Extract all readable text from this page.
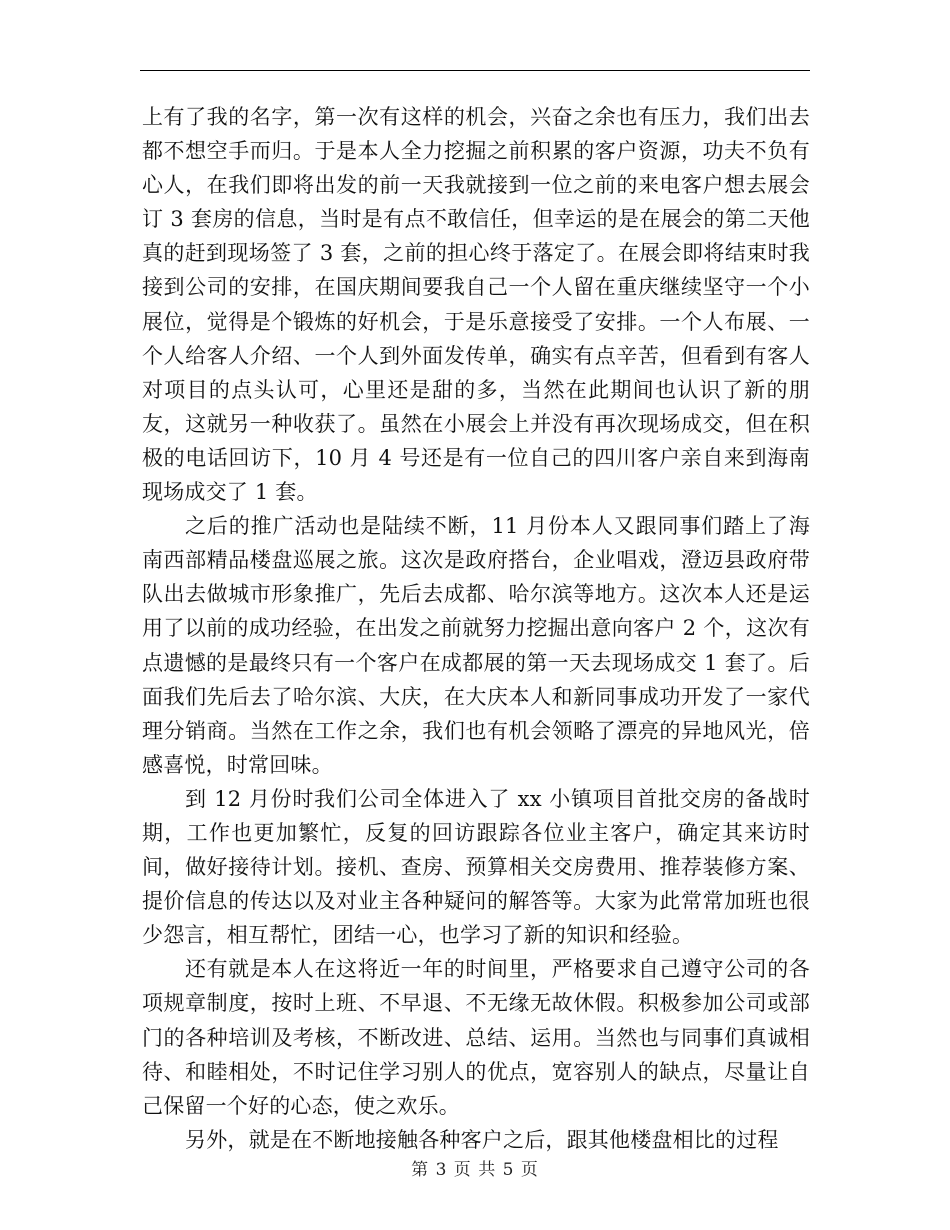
上有了我的名字，第一次有这样的机会，兴奋之余也有压力，我们出去都不想空手而归。于是本人全力挖掘之前积累的客户资源，功夫不负有心人，在我们即将出发的前一天我就接到一位之前的来电客户想去展会订 3 套房的信息，当时是有点不敢信任，但幸运的是在展会的第二天他真的赶到现场签了 3 套，之前的担心终于落定了。在展会即将结束时我接到公司的安排，在国庆期间要我自己一个人留在重庆继续坚守一个小展位，觉得是个锻炼的好机会，于是乐意接受了安排。一个人布展、一个人给客人介绍、一个人到外面发传单，确实有点辛苦，但看到有客人对项目的点头认可，心里还是甜的多，当然在此期间也认识了新的朋友，这就另一种收获了。虽然在小展会上并没有再次现场成交，但在积极的电话回访下，10 月 4 号还是有一位自己的四川客户亲自来到海南现场成交了 1 套。

之后的推广活动也是陆续不断，11 月份本人又跟同事们踏上了海南西部精品楼盘巡展之旅。这次是政府搭台，企业唱戏，澄迈县政府带队出去做城市形象推广，先后去成都、哈尔滨等地方。这次本人还是运用了以前的成功经验，在出发之前就努力挖掘出意向客户 2 个，这次有点遗憾的是最终只有一个客户在成都展的第一天去现场成交 1 套了。后面我们先后去了哈尔滨、大庆，在大庆本人和新同事成功开发了一家代理分销商。当然在工作之余，我们也有机会领略了漂亮的异地风光，倍感喜悦，时常回味。

到 12 月份时我们公司全体进入了 xx 小镇项目首批交房的备战时期，工作也更加繁忙，反复的回访跟踪各位业主客户，确定其来访时间，做好接待计划。接机、查房、预算相关交房费用、推荐装修方案、提价信息的传达以及对业主各种疑问的解答等。大家为此常常加班也很少怨言，相互帮忙，团结一心，也学习了新的知识和经验。

还有就是本人在这将近一年的时间里，严格要求自己遵守公司的各项规章制度，按时上班、不早退、不无缘无故休假。积极参加公司或部门的各种培训及考核，不断改进、总结、运用。当然也与同事们真诚相待、和睦相处，不时记住学习别人的优点，宽容别人的缺点，尽量让自己保留一个好的心态，使之欢乐。

另外，就是在不断地接触各种客户之后，跟其他楼盘相比的过程

第 3 页 共 5 页
